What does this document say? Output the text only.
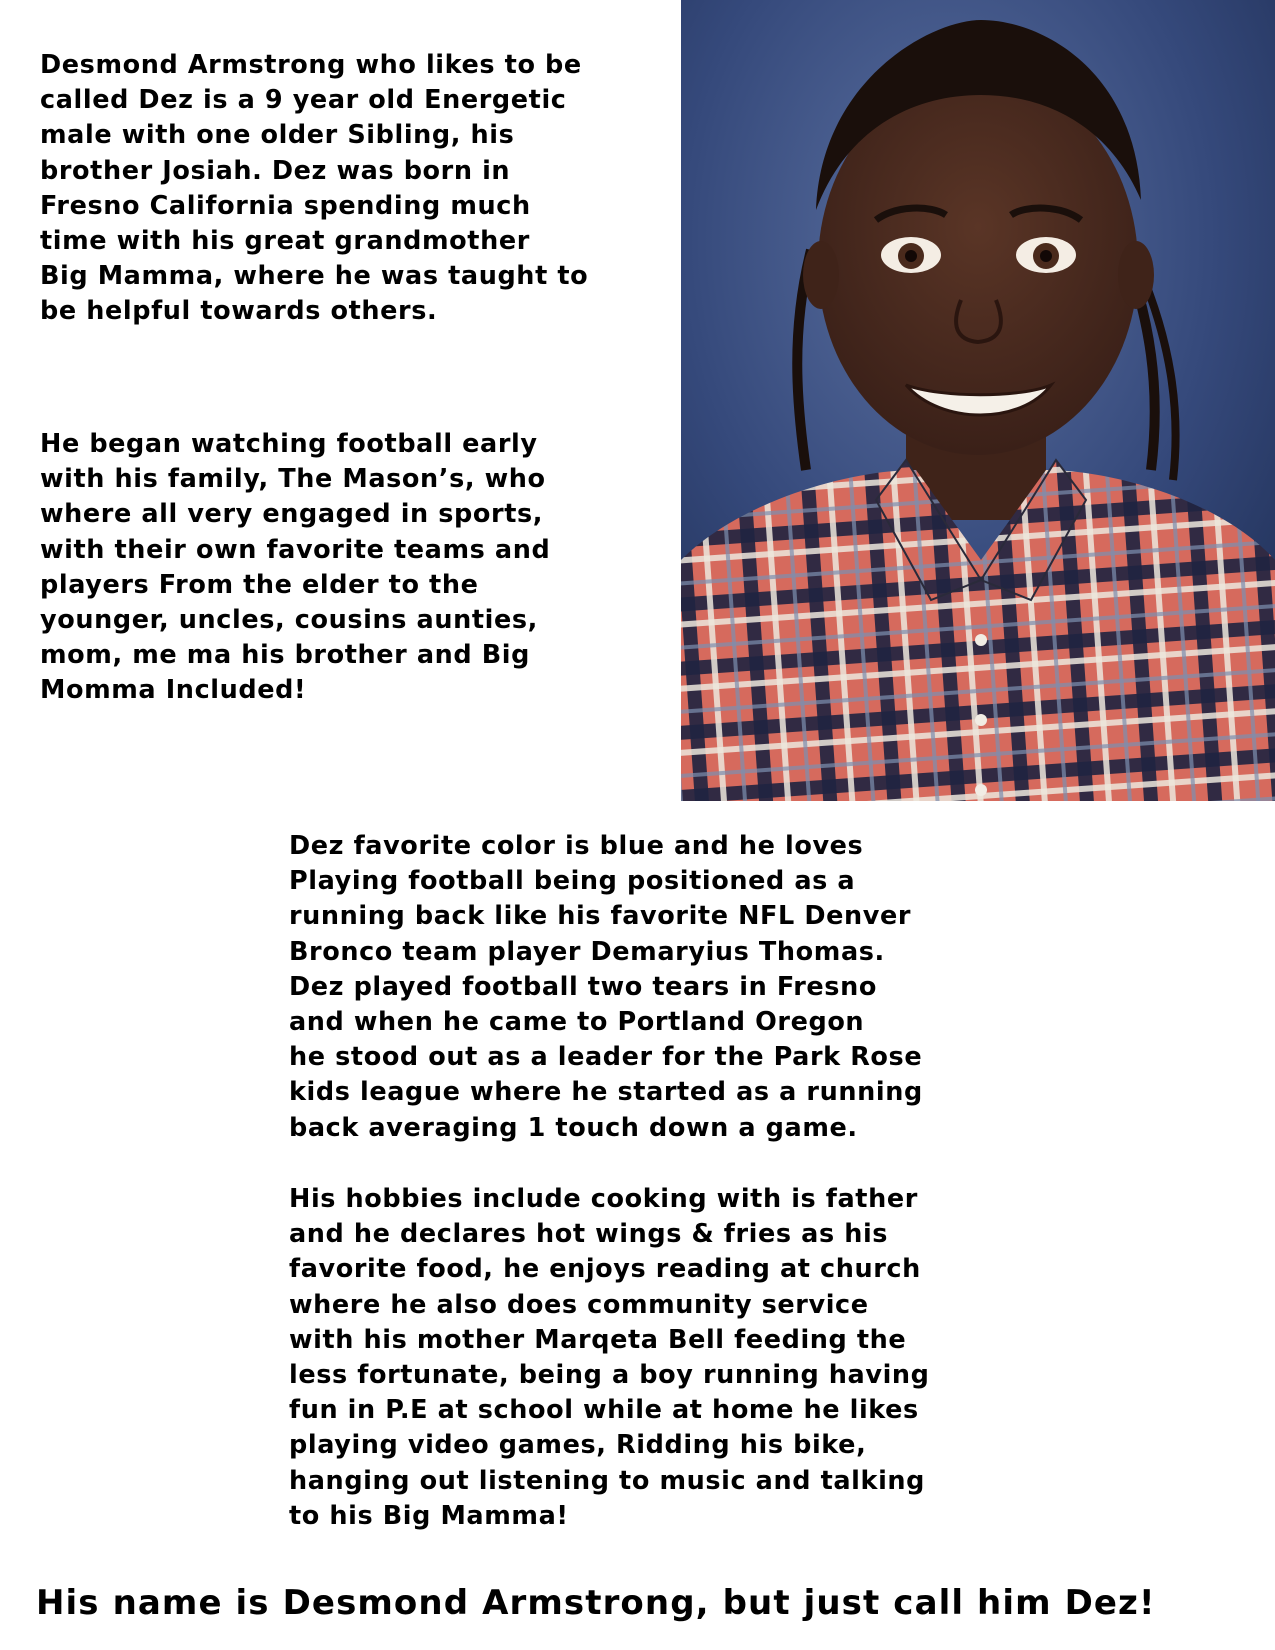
Desmond Armstrong who likes to be
called Dez is a 9 year old Energetic
male with one older Sibling, his
brother Josiah. Dez was born in
Fresno California spending much
time with his great grandmother
Big Mamma, where he was taught to
be helpful towards others.
He began watching football early
with his family, The Mason’s, who
where all very engaged in sports,
with their own favorite teams and
players From the elder to the
younger, uncles, cousins aunties,
mom, me ma his brother and Big
Momma Included!
Dez favorite color is blue and he loves
Playing football being positioned as a
running back like his favorite NFL Denver
Bronco team player Demaryius Thomas.
Dez played football two tears in Fresno
and when he came to Portland Oregon
he stood out as a leader for the Park Rose
kids league where he started as a running
back averaging 1 touch down a game.
His hobbies include cooking with is father
and he declares hot wings & fries as his
favorite food, he enjoys reading at church
where he also does community service
with his mother Marqeta Bell feeding the
less fortunate, being a boy running having
fun in P.E at school while at home he likes
playing video games, Ridding his bike,
hanging out listening to music and talking
to his Big Mamma!
His name is Desmond Armstrong, but just call him Dez!
